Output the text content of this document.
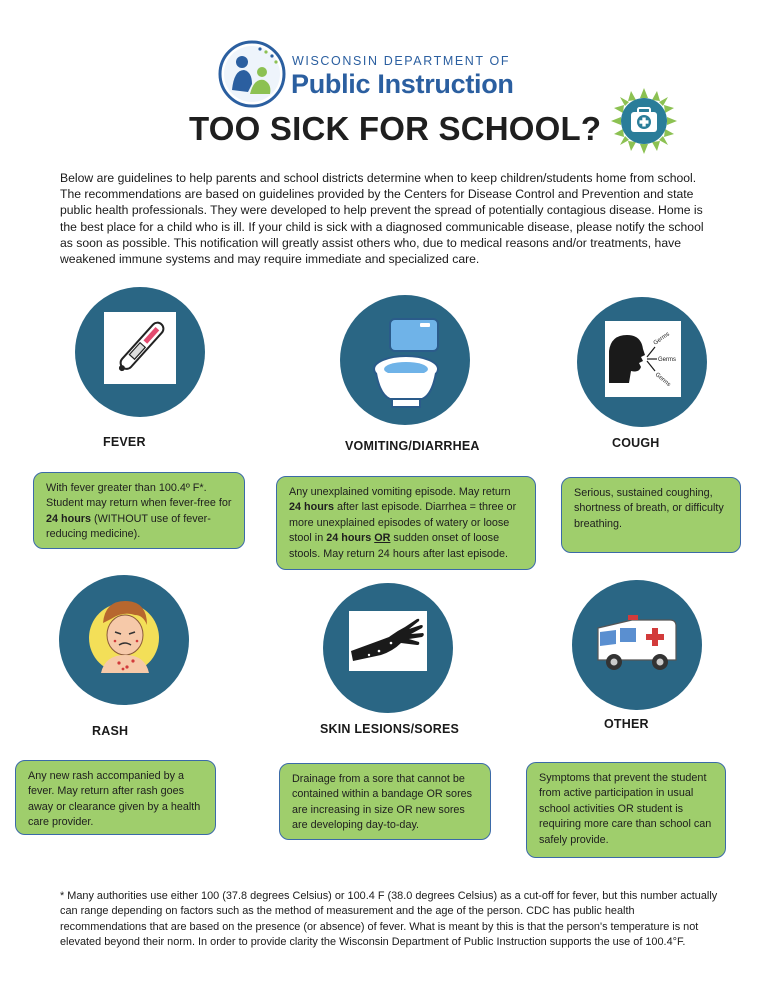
WISCONSIN DEPARTMENT OF
Public Instruction
TOO SICK FOR SCHOOL?
Below are guidelines to help parents and school districts determine when to keep children/students home from school. The recommendations are based on guidelines provided by the Centers for Disease Control and Prevention and state public health professionals. They were developed to help prevent the spread of potentially contagious disease. Home is the best place for a child who is ill. If your child is sick with a diagnosed communicable disease, please notify the school as soon as possible. This notification will greatly assist others who, due to medical reasons and/or treatments, have weakened immune systems and may require immediate and specialized care.
FEVER
With fever greater than 100.4º F*. Student may return when fever-free for 24 hours (WITHOUT use of fever-reducing medicine).
VOMITING/DIARRHEA
Any unexplained vomiting episode. May return 24 hours after last episode. Diarrhea = three or more unexplained episodes of watery or loose stool in 24 hours OR sudden onset of loose stools. May return 24 hours after last episode.
Germs
Germs
Germs
COUGH
Serious, sustained coughing, shortness of breath, or difficulty breathing.
RASH
Any new rash accompanied by a fever. May return after rash goes away or clearance given by a health care provider.
SKIN LESIONS/SORES
Drainage from a sore that cannot be contained within a bandage OR sores are increasing in size OR new sores are developing day-to-day.
OTHER
Symptoms that prevent the student from active participation in usual school activities OR student is requiring more care than school can safely provide.
* Many authorities use either 100 (37.8 degrees Celsius) or 100.4 F (38.0 degrees Celsius) as a cut-off for fever, but this number actually can range depending on factors such as the method of measurement and the age of the person. CDC has public health recommendations that are based on the presence (or absence) of fever. What is meant by this is that the person's temperature is not elevated beyond their norm. In order to provide clarity the Wisconsin Department of Public Instruction supports the use of 100.4°F.
